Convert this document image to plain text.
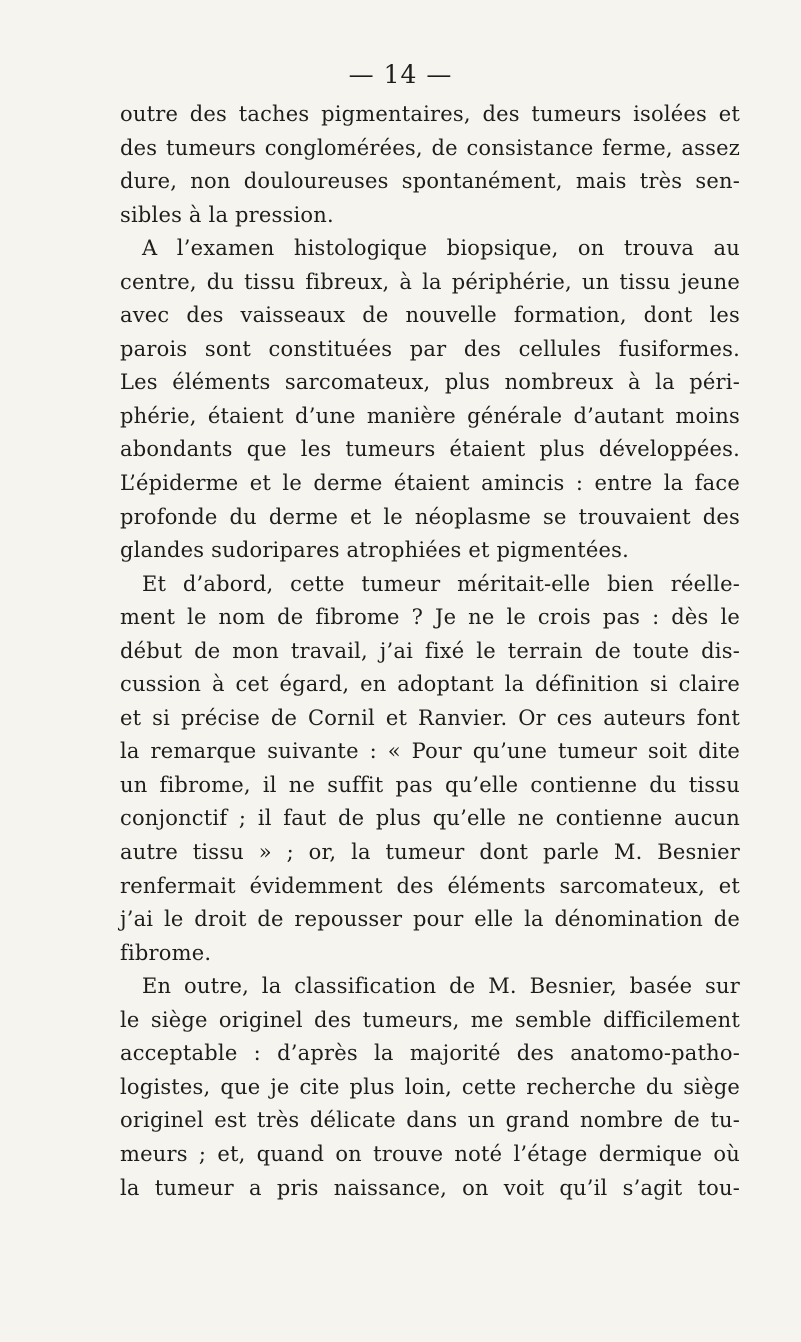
— 14 —
outre des taches pigmentaires, des tumeurs isolées et
des tumeurs conglomérées, de consistance ferme, assez
dure, non douloureuses spontanément, mais très sen-
sibles à la pression.
A l’examen histologique biopsique, on trouva au
centre, du tissu fibreux, à la périphérie, un tissu jeune
avec des vaisseaux de nouvelle formation, dont les
parois sont constituées par des cellules fusiformes.
Les éléments sarcomateux, plus nombreux à la péri-
phérie, étaient d’une manière générale d’autant moins
abondants que les tumeurs étaient plus développées.
L’épiderme et le derme étaient amincis : entre la face
profonde du derme et le néoplasme se trouvaient des
glandes sudoripares atrophiées et pigmentées.
Et d’abord, cette tumeur méritait-elle bien réelle-
ment le nom de fibrome ? Je ne le crois pas : dès le
début de mon travail, j’ai fixé le terrain de toute dis-
cussion à cet égard, en adoptant la définition si claire
et si précise de Cornil et Ranvier. Or ces auteurs font
la remarque suivante : « Pour qu’une tumeur soit dite
un fibrome, il ne suffit pas qu’elle contienne du tissu
conjonctif ; il faut de plus qu’elle ne contienne aucun
autre tissu » ; or, la tumeur dont parle M. Besnier
renfermait évidemment des éléments sarcomateux, et
j’ai le droit de repousser pour elle la dénomination de
fibrome.
En outre, la classification de M. Besnier, basée sur
le siège originel des tumeurs, me semble difficilement
acceptable : d’après la majorité des anatomo-patho-
logistes, que je cite plus loin, cette recherche du siège
originel est très délicate dans un grand nombre de tu-
meurs ; et, quand on trouve noté l’étage dermique où
la tumeur a pris naissance, on voit qu’il s’agit tou-
